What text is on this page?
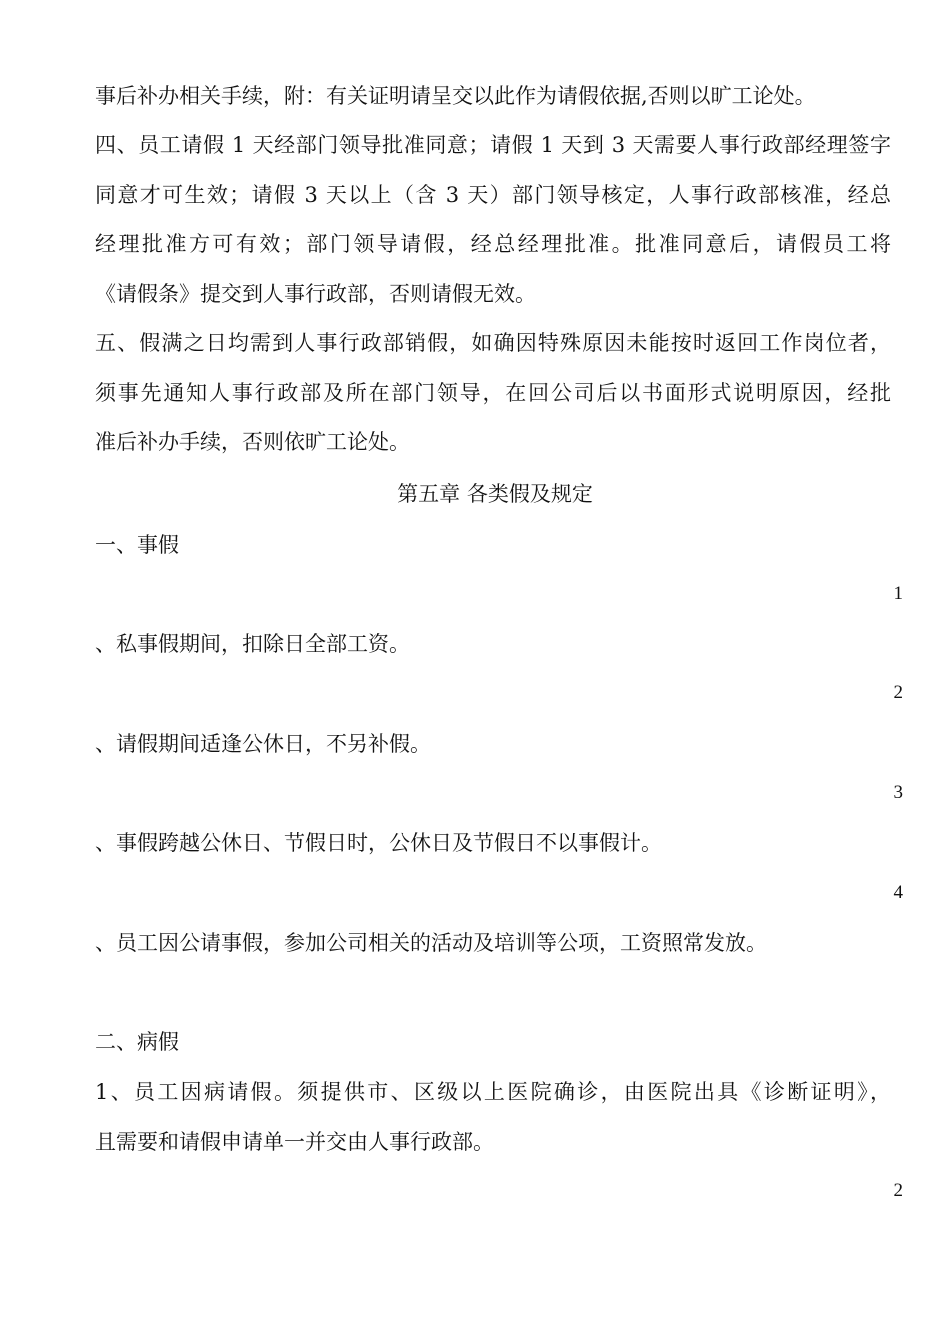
事后补办相关手续，附：有关证明请呈交以此作为请假依据,否则以旷工论处。
四、员工请假 1 天经部门领导批准同意；请假 1 天到 3 天需要人事行政部经理签字
同意才可生效；请假 3 天以上（含 3 天）部门领导核定，人事行政部核准，经总
经理批准方可有效；部门领导请假，经总经理批准。批准同意后，请假员工将
《请假条》提交到人事行政部，否则请假无效。
五、假满之日均需到人事行政部销假，如确因特殊原因未能按时返回工作岗位者，
须事先通知人事行政部及所在部门领导，在回公司后以书面形式说明原因，经批
准后补办手续，否则依旷工论处。
第五章 各类假及规定
一、事假
1
、私事假期间，扣除日全部工资。
2
、请假期间适逢公休日，不另补假。
3
、事假跨越公休日、节假日时，公休日及节假日不以事假计。
4
、员工因公请事假，参加公司相关的活动及培训等公项，工资照常发放。
二、病假
1、员工因病请假。须提供市、区级以上医院确诊，由医院出具《诊断证明》，
且需要和请假申请单一并交由人事行政部。
2
